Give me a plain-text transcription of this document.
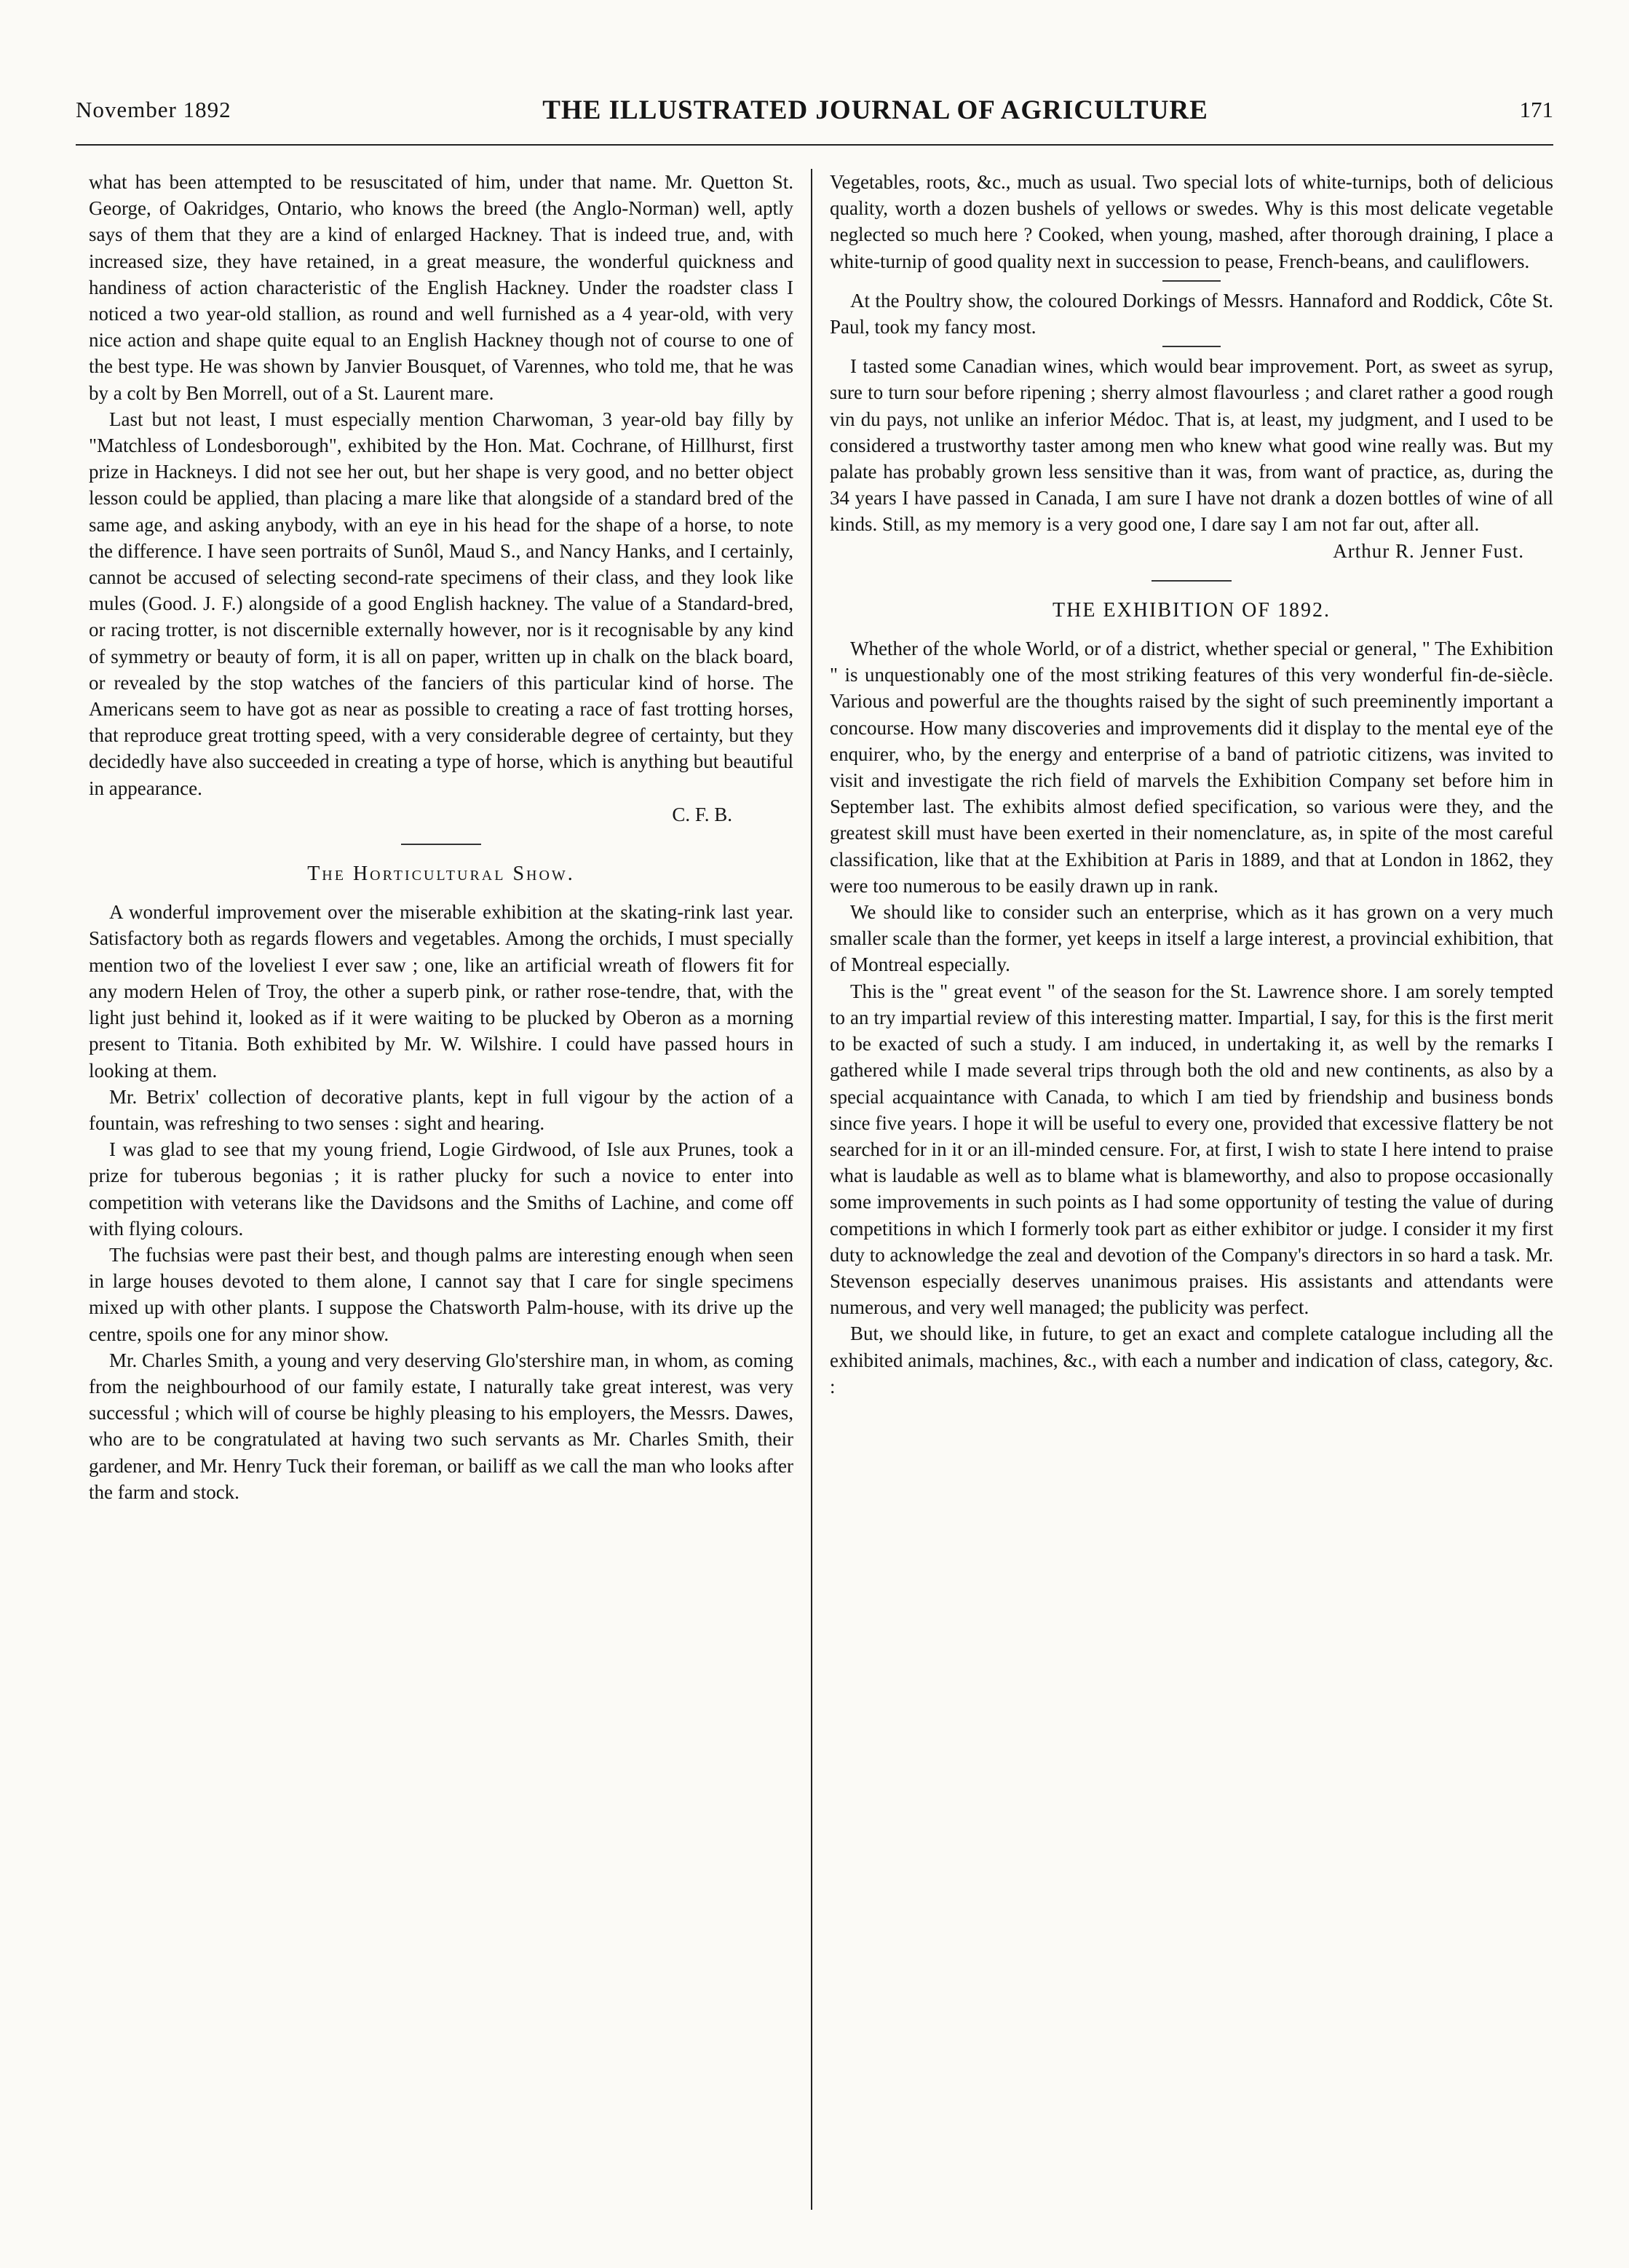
November 1892	THE ILLUSTRATED JOURNAL OF AGRICULTURE	171

what has been attempted to be resuscitated of him, under that name. Mr. Quetton St. George, of Oakridges, Ontario, who knows the breed (the Anglo-Norman) well, aptly says of them that they are a kind of enlarged Hackney. That is indeed true, and, with increased size, they have retained, in a great measure, the wonderful quickness and handiness of action characteristic of the English Hackney. Under the roadster class I noticed a two year-old stallion, as round and well furnished as a 4 year-old, with very nice action and shape quite equal to an English Hackney though not of course to one of the best type. He was shown by Janvier Bousquet, of Varennes, who told me, that he was by a colt by Ben Morrell, out of a St. Laurent mare.

Last but not least, I must especially mention Charwoman, 3 year-old bay filly by "Matchless of Londesborough", exhibited by the Hon. Mat. Cochrane, of Hillhurst, first prize in Hackneys. I did not see her out, but her shape is very good, and no better object lesson could be applied, than placing a mare like that alongside of a standard bred of the same age, and asking anybody, with an eye in his head for the shape of a horse, to note the difference. I have seen portraits of Sunôl, Maud S., and Nancy Hanks, and I certainly, cannot be accused of selecting second-rate specimens of their class, and they look like mules (Good. J. F.) alongside of a good English hackney. The value of a Standard-bred, or racing trotter, is not discernible externally however, nor is it recognisable by any kind of symmetry or beauty of form, it is all on paper, written up in chalk on the black board, or revealed by the stop watches of the fanciers of this particular kind of horse. The Americans seem to have got as near as possible to creating a race of fast trotting horses, that reproduce great trotting speed, with a very considerable degree of certainty, but they decidedly have also succeeded in creating a type of horse, which is anything but beautiful in appearance.

C. F. B.

The Horticultural Show.

A wonderful improvement over the miserable exhibition at the skating-rink last year. Satisfactory both as regards flowers and vegetables. Among the orchids, I must specially mention two of the loveliest I ever saw ; one, like an artificial wreath of flowers fit for any modern Helen of Troy, the other a superb pink, or rather rose-tendre, that, with the light just behind it, looked as if it were waiting to be plucked by Oberon as a morning present to Titania. Both exhibited by Mr. W. Wilshire. I could have passed hours in looking at them.

Mr. Betrix' collection of decorative plants, kept in full vigour by the action of a fountain, was refreshing to two senses : sight and hearing.

I was glad to see that my young friend, Logie Girdwood, of Isle aux Prunes, took a prize for tuberous begonias ; it is rather plucky for such a novice to enter into competition with veterans like the Davidsons and the Smiths of Lachine, and come off with flying colours.

The fuchsias were past their best, and though palms are interesting enough when seen in large houses devoted to them alone, I cannot say that I care for single specimens mixed up with other plants. I suppose the Chatsworth Palm-house, with its drive up the centre, spoils one for any minor show.

Mr. Charles Smith, a young and very deserving Glo'stershire man, in whom, as coming from the neighbourhood of our family estate, I naturally take great interest, was very successful ; which will of course be highly pleasing to his employers, the Messrs. Dawes, who are to be congratulated at having two such servants as Mr. Charles Smith, their gardener, and Mr. Henry Tuck their foreman, or bailiff as we call the man who looks after the farm and stock.

Vegetables, roots, &c., much as usual. Two special lots of white-turnips, both of delicious quality, worth a dozen bushels of yellows or swedes. Why is this most delicate vegetable neglected so much here ? Cooked, when young, mashed, after thorough draining, I place a white-turnip of good quality next in succession to pease, French-beans, and cauliflowers.

At the Poultry show, the coloured Dorkings of Messrs. Hannaford and Roddick, Côte St. Paul, took my fancy most.

I tasted some Canadian wines, which would bear improvement. Port, as sweet as syrup, sure to turn sour before ripening ; sherry almost flavourless ; and claret rather a good rough vin du pays, not unlike an inferior Médoc. That is, at least, my judgment, and I used to be considered a trustworthy taster among men who knew what good wine really was. But my palate has probably grown less sensitive than it was, from want of practice, as, during the 34 years I have passed in Canada, I am sure I have not drank a dozen bottles of wine of all kinds. Still, as my memory is a very good one, I dare say I am not far out, after all.

Arthur R. Jenner Fust.

THE EXHIBITION OF 1892.

Whether of the whole World, or of a district, whether special or general, " The Exhibition " is unquestionably one of the most striking features of this very wonderful fin-de-siècle. Various and powerful are the thoughts raised by the sight of such preeminently important a concourse. How many discoveries and improvements did it display to the mental eye of the enquirer, who, by the energy and enterprise of a band of patriotic citizens, was invited to visit and investigate the rich field of marvels the Exhibition Company set before him in September last. The exhibits almost defied specification, so various were they, and the greatest skill must have been exerted in their nomenclature, as, in spite of the most careful classification, like that at the Exhibition at Paris in 1889, and that at London in 1862, they were too numerous to be easily drawn up in rank.

We should like to consider such an enterprise, which as it has grown on a very much smaller scale than the former, yet keeps in itself a large interest, a provincial exhibition, that of Montreal especially.

This is the " great event " of the season for the St. Lawrence shore. I am sorely tempted to an try impartial review of this interesting matter. Impartial, I say, for this is the first merit to be exacted of such a study. I am induced, in undertaking it, as well by the remarks I gathered while I made several trips through both the old and new continents, as also by a special acquaintance with Canada, to which I am tied by friendship and business bonds since five years. I hope it will be useful to every one, provided that excessive flattery be not searched for in it or an ill-minded censure. For, at first, I wish to state I here intend to praise what is laudable as well as to blame what is blameworthy, and also to propose occasionally some improvements in such points as I had some opportunity of testing the value of during competitions in which I formerly took part as either exhibitor or judge. I consider it my first duty to acknowledge the zeal and devotion of the Company's directors in so hard a task. Mr. Stevenson especially deserves unanimous praises. His assistants and attendants were numerous, and very well managed; the publicity was perfect.

But, we should like, in future, to get an exact and complete catalogue including all the exhibited animals, machines, &c., with each a number and indication of class, category, &c. :
